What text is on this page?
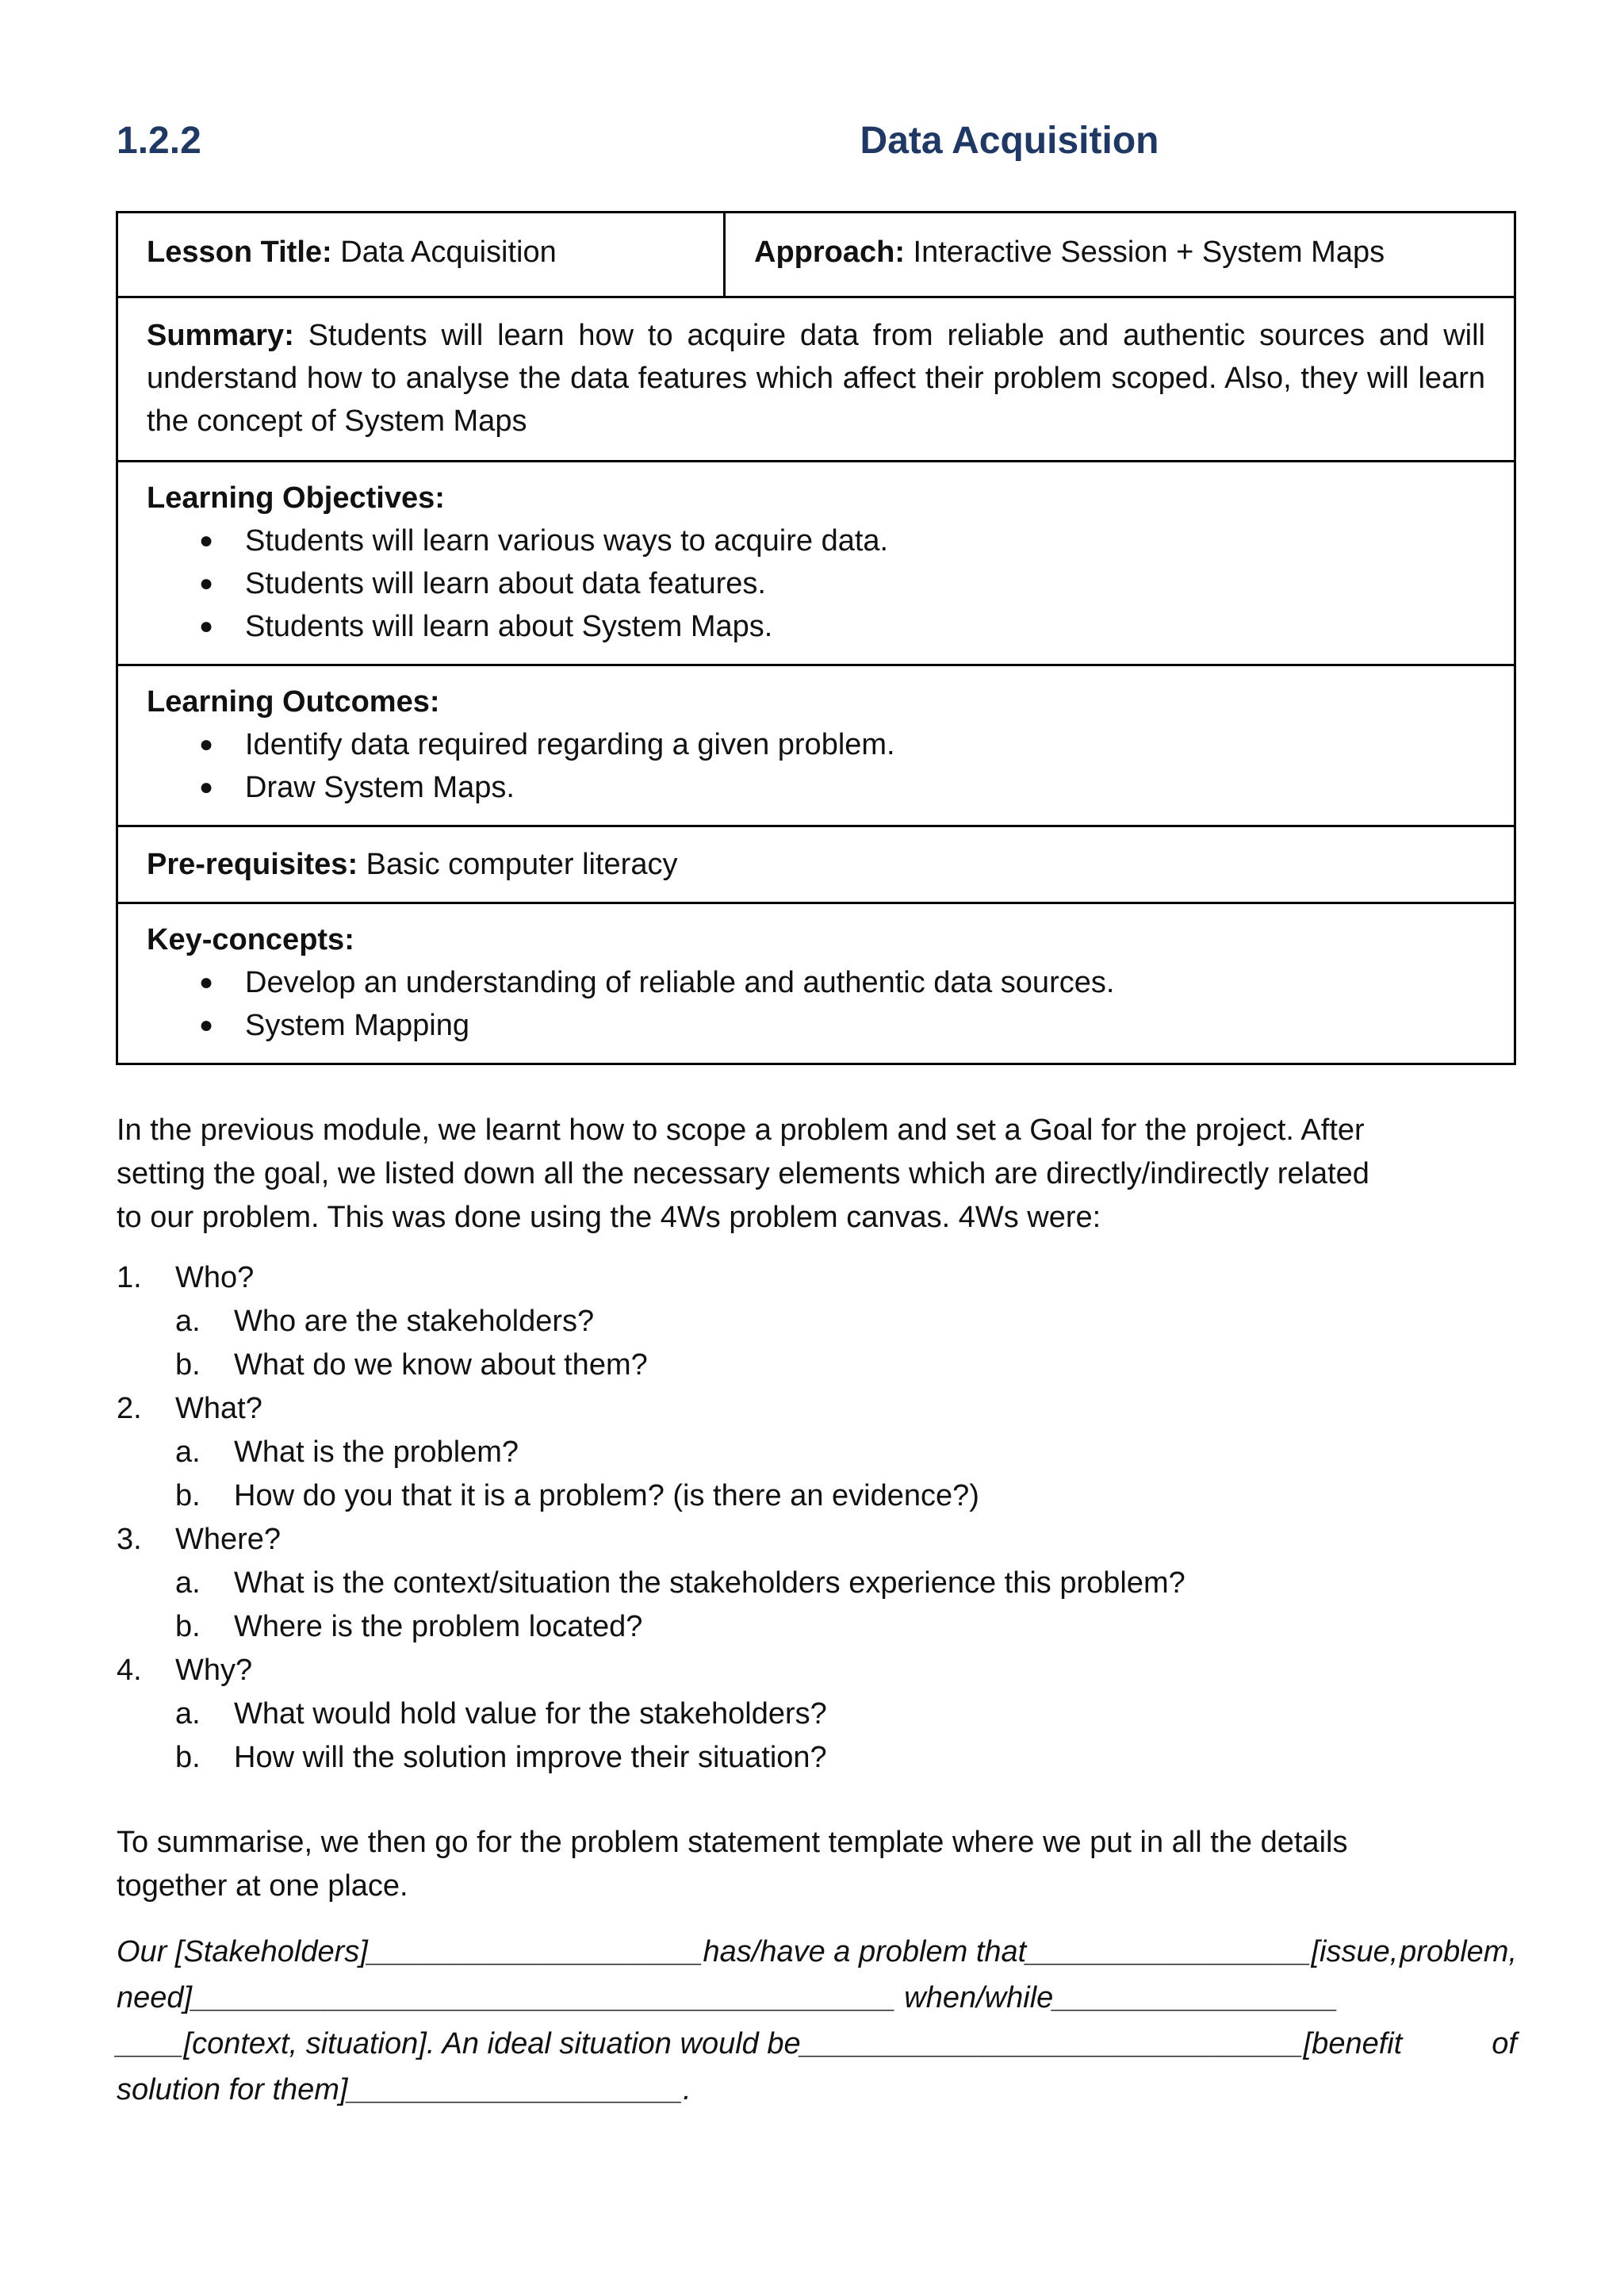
1.2.2	Data Acquisition
Lesson Title: Data Acquisition	Approach: Interactive Session + System Maps
Summary: Students will learn how to acquire data from reliable and authentic sources and will understand how to analyse the data features which affect their problem scoped. Also, they will learn the concept of System Maps
Learning Objectives:
● Students will learn various ways to acquire data.
● Students will learn about data features.
● Students will learn about System Maps.
Learning Outcomes:
● Identify data required regarding a given problem.
● Draw System Maps.
Pre-requisites: Basic computer literacy
Key-concepts:
● Develop an understanding of reliable and authentic data sources.
● System Mapping
In the previous module, we learnt how to scope a problem and set a Goal for the project. After
setting the goal, we listed down all the necessary elements which are directly/indirectly related
to our problem. This was done using the 4Ws problem canvas. 4Ws were:
1. Who?
a. Who are the stakeholders?
b. What do we know about them?
2. What?
a. What is the problem?
b. How do you that it is a problem? (is there an evidence?)
3. Where?
a. What is the context/situation the stakeholders experience this problem?
b. Where is the problem located?
4. Why?
a. What would hold value for the stakeholders?
b. How will the solution improve their situation?
To summarise, we then go for the problem statement template where we put in all the details
together at one place.
Our [Stakeholders]____________________has/have a problem that_________________[issue, problem,
need]__________________________________________ when/while_________________
____[context, situation]. An ideal situation would be______________________________[benefit	of
solution for them]____________________.
